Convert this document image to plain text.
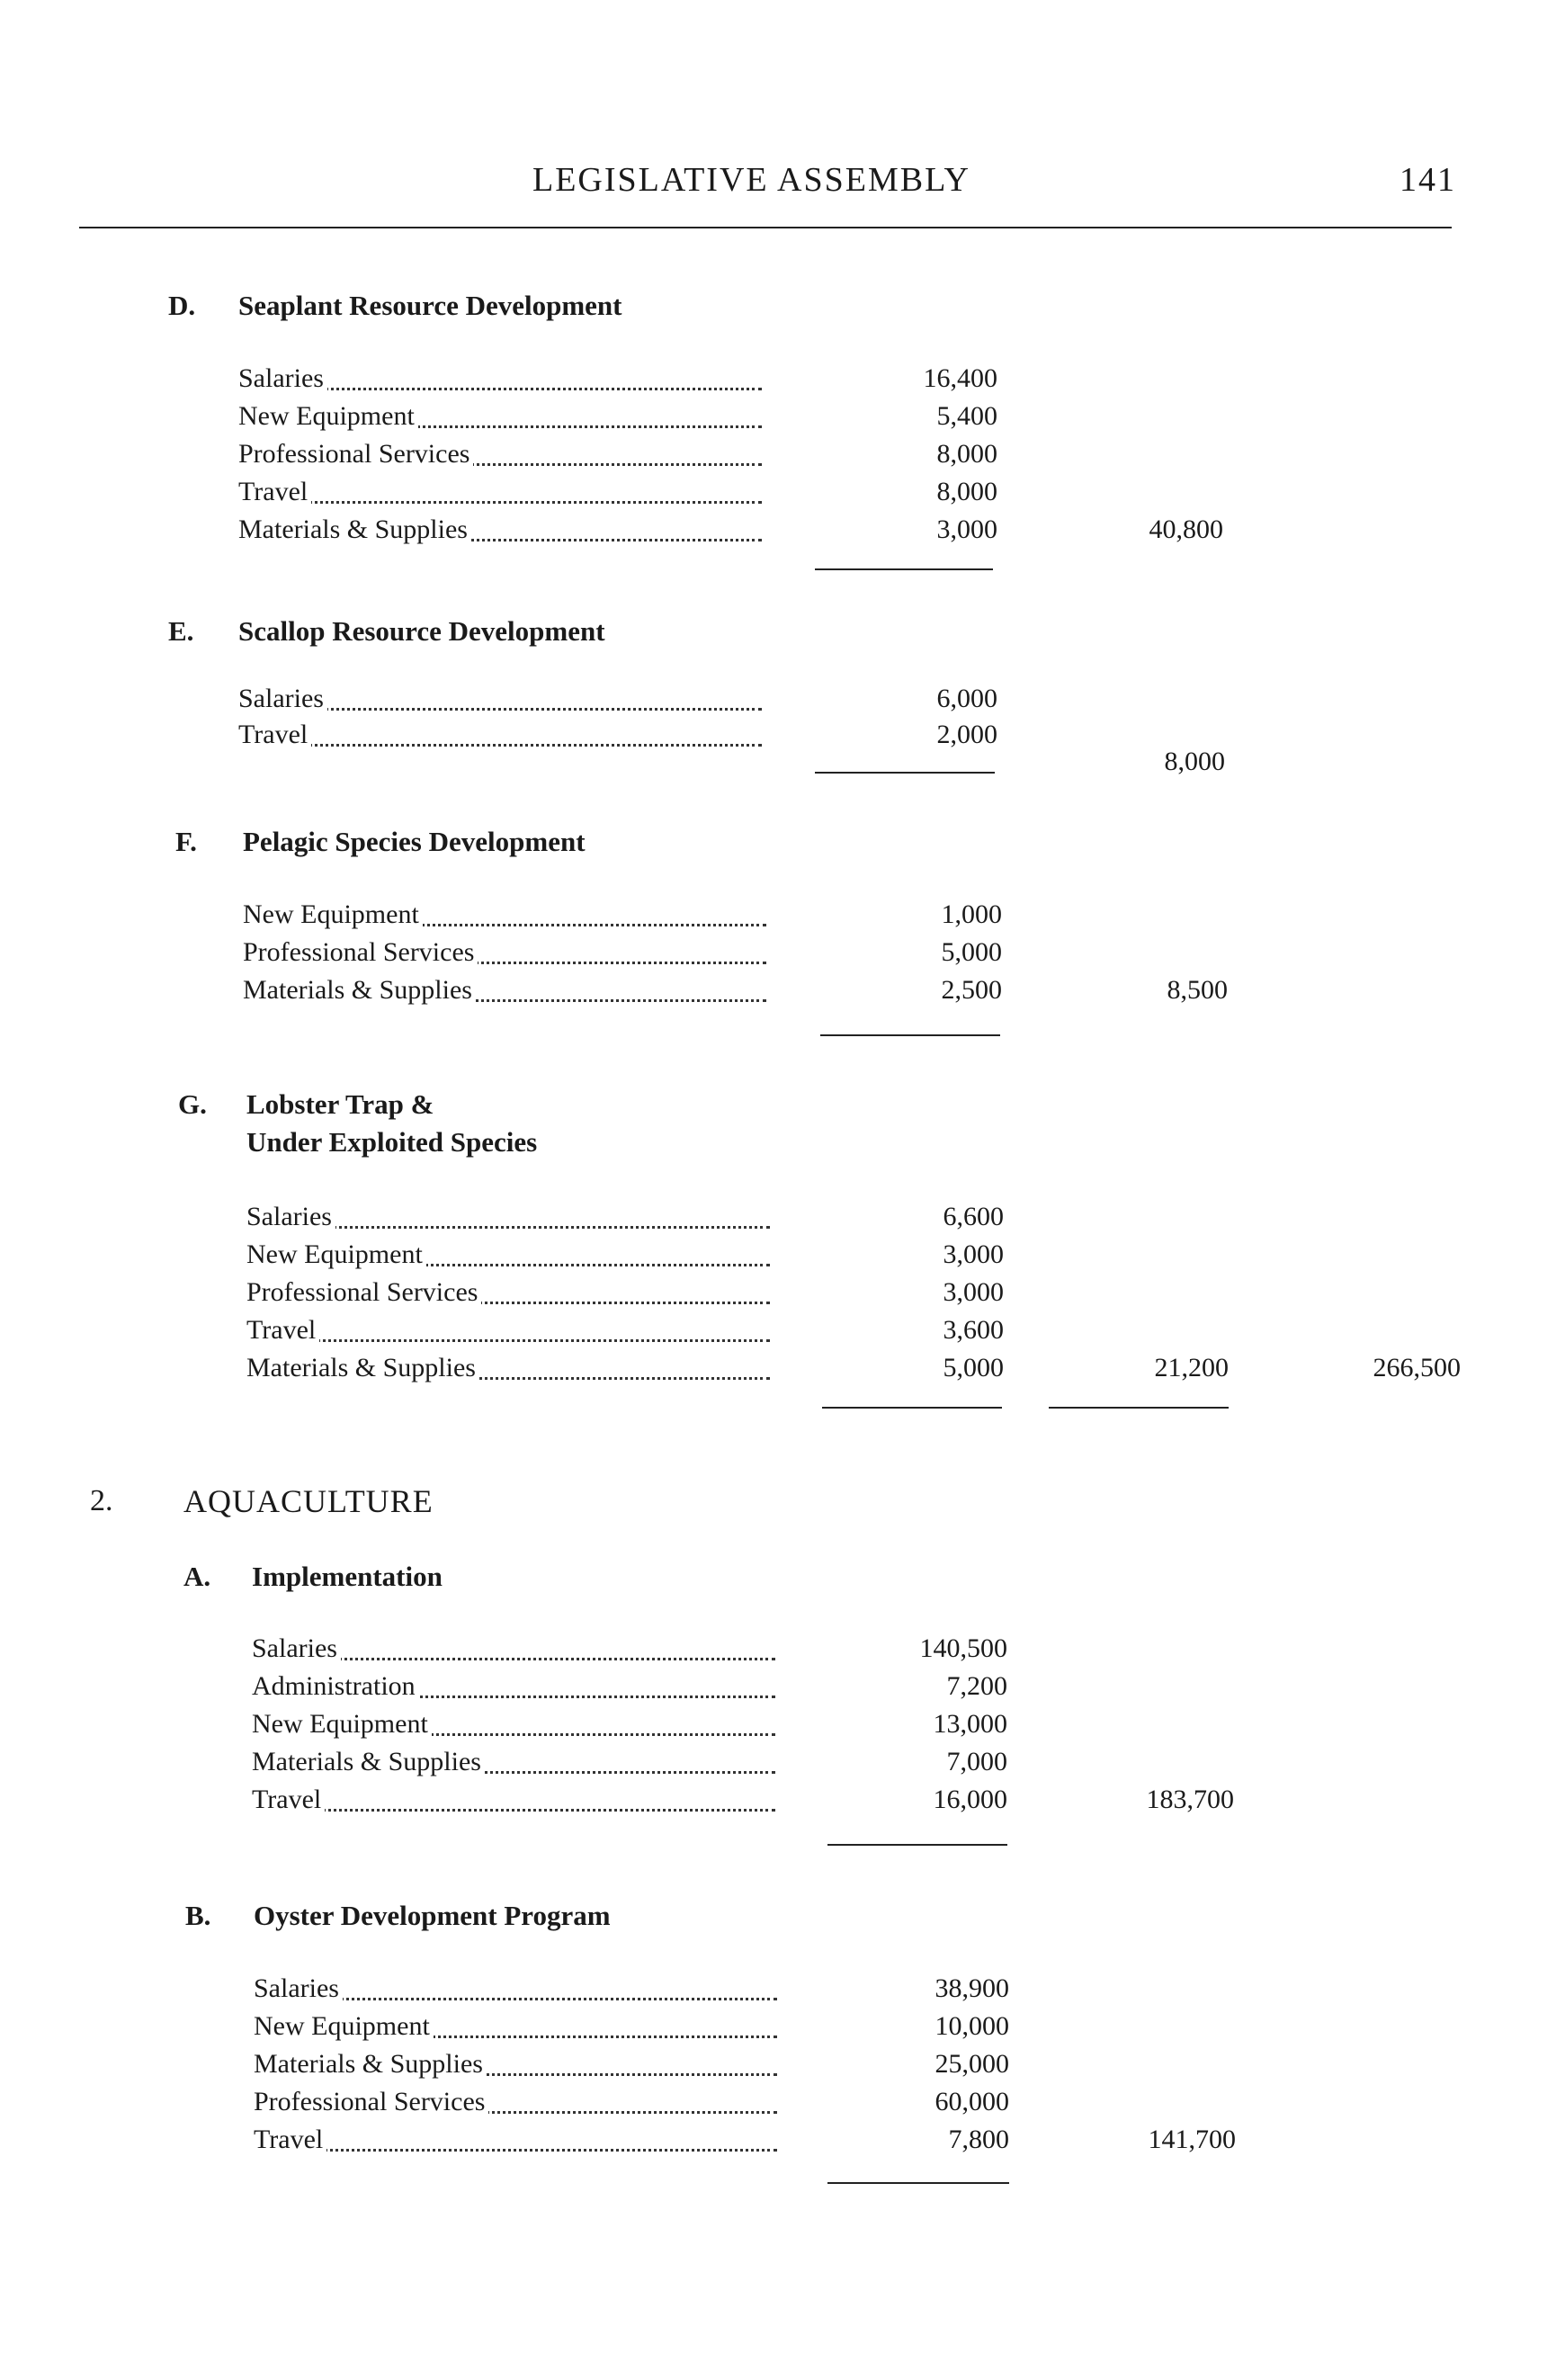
LEGISLATIVE ASSEMBLY	141
D. Seaplant Resource Development
Salaries	16,400
New Equipment	5,400
Professional Services	8,000
Travel	8,000
Materials & Supplies	3,000	40,800
E. Scallop Resource Development
Salaries	6,000
Travel	2,000
8,000
F. Pelagic Species Development
New Equipment	1,000
Professional Services	5,000
Materials & Supplies	2,500	8,500
G. Lobster Trap &
Under Exploited Species
Salaries	6,600
New Equipment	3,000
Professional Services	3,000
Travel	3,600
Materials & Supplies	5,000	21,200	266,500
2. AQUACULTURE
A. Implementation
Salaries	140,500
Administration	7,200
New Equipment	13,000
Materials & Supplies	7,000
Travel	16,000	183,700
B. Oyster Development Program
Salaries	38,900
New Equipment	10,000
Materials & Supplies	25,000
Professional Services	60,000
Travel	7,800	141,700
